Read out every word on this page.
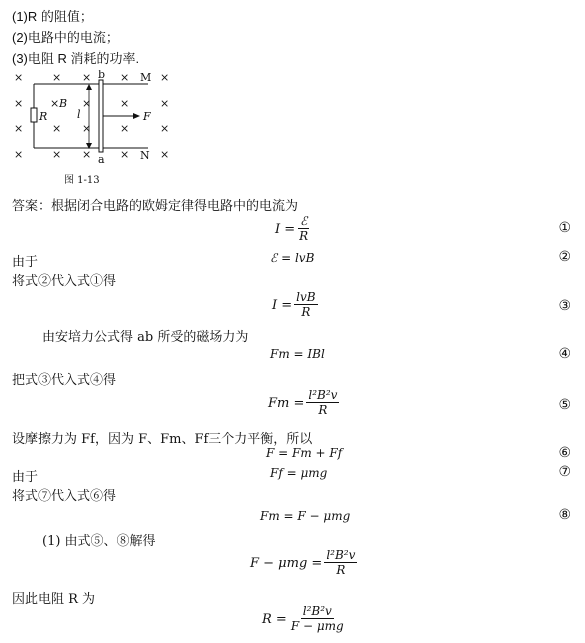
(1)R 的阻值；
(2)电路中的电流；
(3)电阻 R 消耗的功率.
×	× ×	×	×
× × ×	×	×
×	× ×	×	×
×	× ×	×	×
R
B
l
b
a
F
M
N
图 1-13
答案：根据闭合电路的欧姆定律得电路中的电流为
$I = \frac{\text{ℰ}}{R}$	①
由于	ℰ = lvB	②
将式②代入式①得
$I = \frac{\text{lvB}}{R}$	③
由安培力公式得 ab 所受的磁场力为
Fm = IBl	④
把式③代入式④得
$Fm = \frac{\text{l²B²v}}{R}$	⑤
设摩擦力为 Ff，因为 F、Fm、Ff三个力平衡，所以
F = Fm + Ff	⑥
由于	Ff = μmg	⑦
将式⑦代入式⑥得
Fm = F − μmg	⑧
(1) 由式⑤、⑧解得
$F - \mu mg = \frac{\text{l²B²v}}{R}$
因此电阻 R 为
$R = \frac{\text{l²B²v}}{\text{F − μmg}}$
